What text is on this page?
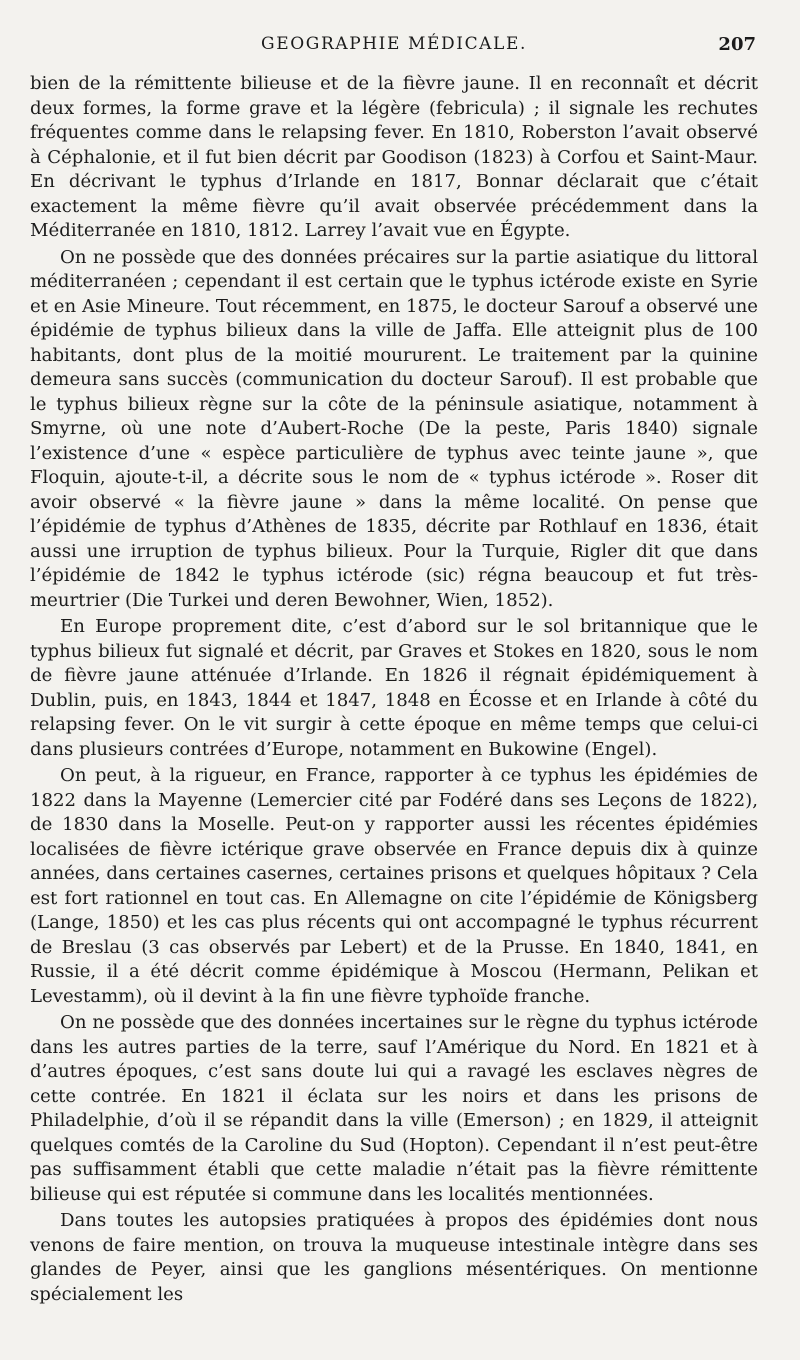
GEOGRAPHIE MÉDICALE.	207

bien de la rémittente bilieuse et de la fièvre jaune. Il en reconnaît et décrit deux formes, la forme grave et la légère (febricula) ; il signale les rechutes fréquentes comme dans le relapsing fever. En 1810, Roberston l’avait observé à Céphalonie, et il fut bien décrit par Goodison (1823) à Corfou et Saint-Maur. En décrivant le typhus d’Irlande en 1817, Bonnar déclarait que c’était exactement la même fièvre qu’il avait observée précédemment dans la Méditerranée en 1810, 1812. Larrey l’avait vue en Égypte.

On ne possède que des données précaires sur la partie asiatique du littoral méditerranéen ; cependant il est certain que le typhus ictérode existe en Syrie et en Asie Mineure. Tout récemment, en 1875, le docteur Sarouf a observé une épidémie de typhus bilieux dans la ville de Jaffa. Elle atteignit plus de 100 habitants, dont plus de la moitié moururent. Le traitement par la quinine demeura sans succès (communication du docteur Sarouf). Il est probable que le typhus bilieux règne sur la côte de la péninsule asiatique, notamment à Smyrne, où une note d’Aubert-Roche (De la peste, Paris 1840) signale l’existence d’une « espèce particulière de typhus avec teinte jaune », que Floquin, ajoute-t-il, a décrite sous le nom de « typhus ictérode ». Roser dit avoir observé « la fièvre jaune » dans la même localité. On pense que l’épidémie de typhus d’Athènes de 1835, décrite par Rothlauf en 1836, était aussi une irruption de typhus bilieux. Pour la Turquie, Rigler dit que dans l’épidémie de 1842 le typhus ictérode (sic) régna beaucoup et fut très-meurtrier (Die Turkei und deren Bewohner, Wien, 1852).

En Europe proprement dite, c’est d’abord sur le sol britannique que le typhus bilieux fut signalé et décrit, par Graves et Stokes en 1820, sous le nom de fièvre jaune atténuée d’Irlande. En 1826 il régnait épidémiquement à Dublin, puis, en 1843, 1844 et 1847, 1848 en Écosse et en Irlande à côté du relapsing fever. On le vit surgir à cette époque en même temps que celui-ci dans plusieurs contrées d’Europe, notamment en Bukowine (Engel).

On peut, à la rigueur, en France, rapporter à ce typhus les épidémies de 1822 dans la Mayenne (Lemercier cité par Fodéré dans ses Leçons de 1822), de 1830 dans la Moselle. Peut-on y rapporter aussi les récentes épidémies localisées de fièvre ictérique grave observée en France depuis dix à quinze années, dans certaines casernes, certaines prisons et quelques hôpitaux ? Cela est fort rationnel en tout cas. En Allemagne on cite l’épidémie de Königsberg (Lange, 1850) et les cas plus récents qui ont accompagné le typhus récurrent de Breslau (3 cas observés par Lebert) et de la Prusse. En 1840, 1841, en Russie, il a été décrit comme épidémique à Moscou (Hermann, Pelikan et Levestamm), où il devint à la fin une fièvre typhoïde franche.

On ne possède que des données incertaines sur le règne du typhus ictérode dans les autres parties de la terre, sauf l’Amérique du Nord. En 1821 et à d’autres époques, c’est sans doute lui qui a ravagé les esclaves nègres de cette contrée. En 1821 il éclata sur les noirs et dans les prisons de Philadelphie, d’où il se répandit dans la ville (Emerson) ; en 1829, il atteignit quelques comtés de la Caroline du Sud (Hopton). Cependant il n’est peut-être pas suffisamment établi que cette maladie n’était pas la fièvre rémittente bilieuse qui est réputée si commune dans les localités mentionnées.

Dans toutes les autopsies pratiquées à propos des épidémies dont nous venons de faire mention, on trouva la muqueuse intestinale intègre dans ses glandes de Peyer, ainsi que les ganglions mésentériques. On mentionne spécialement les
